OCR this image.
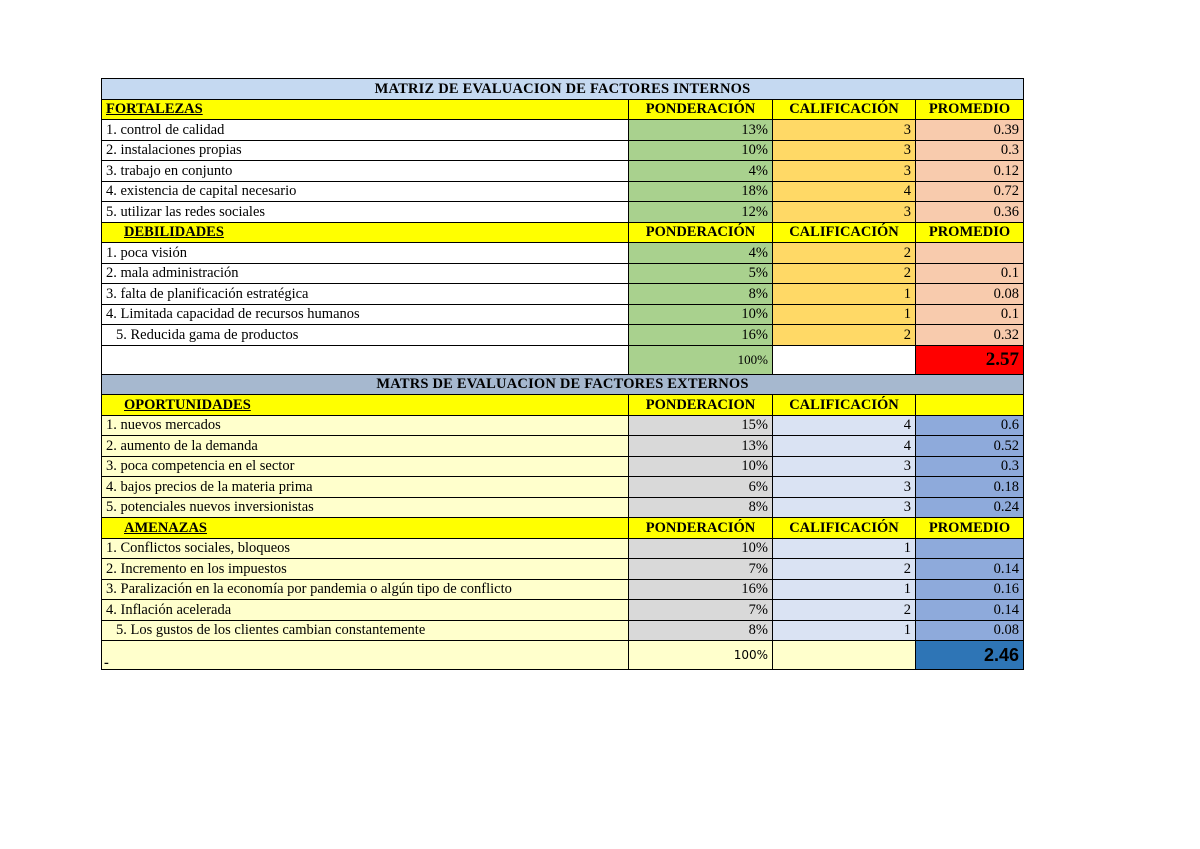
MATRIZ DE EVALUACION DE FACTORES INTERNOS			
FORTALEZAS	PONDERACIÓN	CALIFICACIÓN	PROMEDIO
1. control de calidad	13%	3	0.39
2. instalaciones propias	10%	3	0.3
3. trabajo en conjunto	4%	3	0.12
4. existencia de capital necesario	18%	4	0.72
5. utilizar las redes sociales	12%	3	0.36
DEBILIDADES	PONDERACIÓN	CALIFICACIÓN	PROMEDIO
1. poca visión	4%	2	
2. mala administración	5%	2	0.1
3. falta de planificación estratégica	8%	1	0.08
4. Limitada capacidad de recursos humanos	10%	1	0.1
5. Reducida gama de productos	16%	2	0.32
	100%		2.57
MATRS DE EVALUACION DE FACTORES EXTERNOS			
OPORTUNIDADES	PONDERACION	CALIFICACIÓN	
1. nuevos mercados	15%	4	0.6
2. aumento de la demanda	13%	4	0.52
3. poca competencia en el sector	10%	3	0.3
4. bajos precios de la materia prima	6%	3	0.18
5. potenciales nuevos inversionistas	8%	3	0.24
AMENAZAS	PONDERACIÓN	CALIFICACIÓN	PROMEDIO
1. Conflictos sociales, bloqueos	10%	1	
2. Incremento en los impuestos	7%	2	0.14
3. Paralización en la economía por pandemia o algún tipo de conflicto	16%	1	0.16
4. Inflación acelerada	7%	2	0.14
5. Los gustos de los clientes cambian constantemente	8%	1	0.08
-	100%		2.46
